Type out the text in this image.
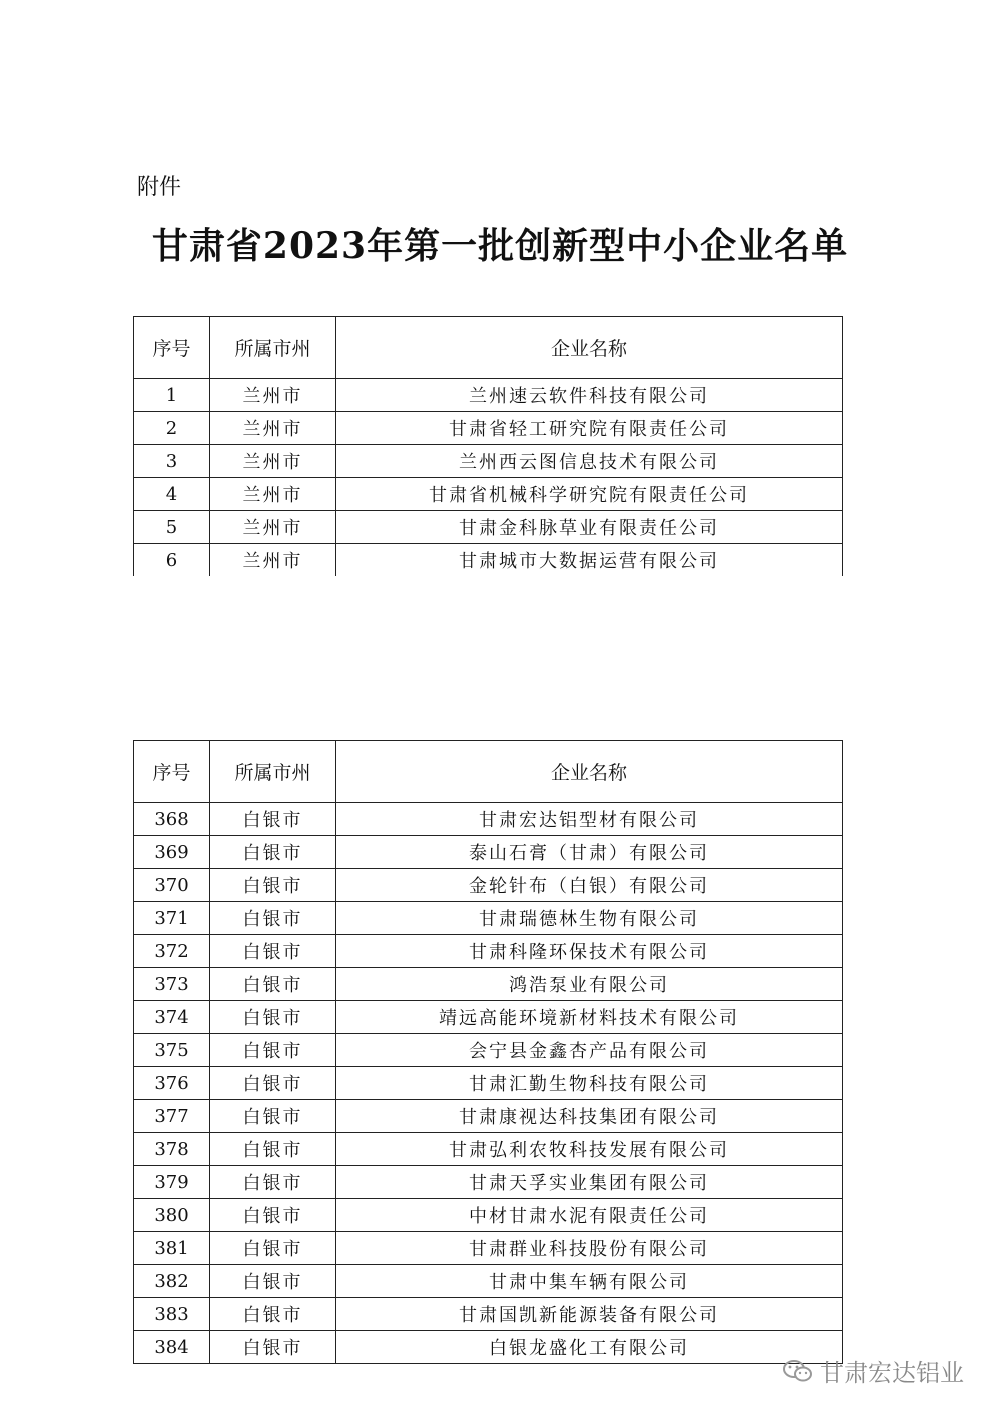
附件
甘肃省2023年第一批创新型中小企业名单
序号	所属市州	企业名称
1	兰州市	兰州速云软件科技有限公司
2	兰州市	甘肃省轻工研究院有限责任公司
3	兰州市	兰州西云图信息技术有限公司
4	兰州市	甘肃省机械科学研究院有限责任公司
5	兰州市	甘肃金科脉草业有限责任公司
6	兰州市	甘肃城市大数据运营有限公司
序号	所属市州	企业名称
368	白银市	甘肃宏达铝型材有限公司
369	白银市	泰山石膏（甘肃）有限公司
370	白银市	金轮针布（白银）有限公司
371	白银市	甘肃瑞德林生物有限公司
372	白银市	甘肃科隆环保技术有限公司
373	白银市	鸿浩泵业有限公司
374	白银市	靖远高能环境新材料技术有限公司
375	白银市	会宁县金鑫杏产品有限公司
376	白银市	甘肃汇勤生物科技有限公司
377	白银市	甘肃康视达科技集团有限公司
378	白银市	甘肃弘利农牧科技发展有限公司
379	白银市	甘肃天孚实业集团有限公司
380	白银市	中材甘肃水泥有限责任公司
381	白银市	甘肃群业科技股份有限公司
382	白银市	甘肃中集车辆有限公司
383	白银市	甘肃国凯新能源装备有限公司
384	白银市	白银龙盛化工有限公司
甘肃宏达铝业
